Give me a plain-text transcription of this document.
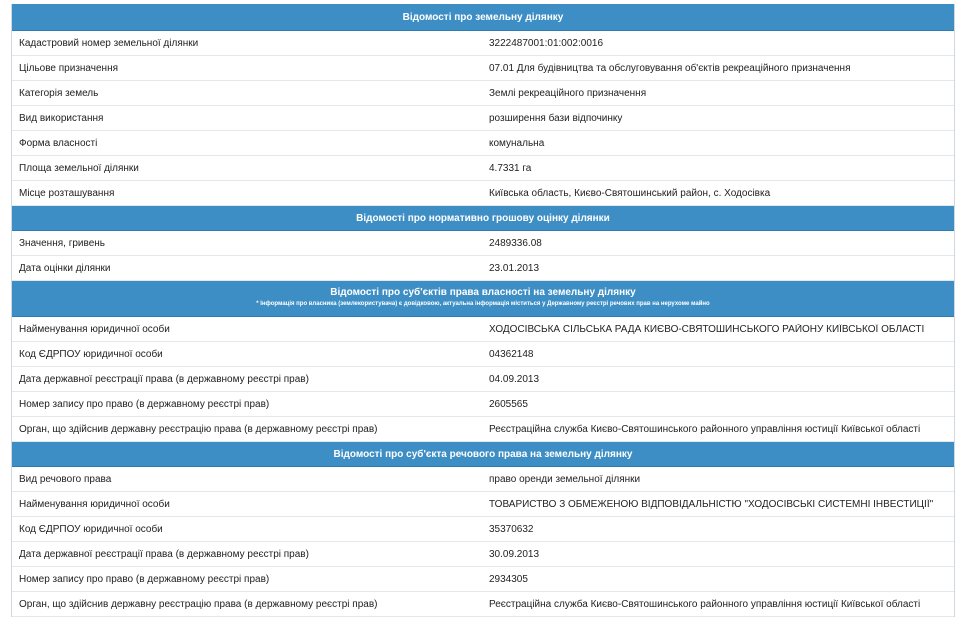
Відомості про земельну ділянку
Кадастровий номер земельної ділянки	3222487001:01:002:0016
Цільове призначення	07.01 Для будівництва та обслуговування об'єктів рекреаційного призначення
Категорія земель	Землі рекреаційного призначення
Вид використання	розширення бази відпочинку
Форма власності	комунальна
Площа земельної ділянки	4.7331 га
Місце розташування	Київська область, Києво-Святошинський район, с. Ходосівка
Відомості про нормативно грошову оцінку ділянки
Значення, гривень	2489336.08
Дата оцінки ділянки	23.01.2013
Відомості про суб'єктів права власності на земельну ділянку
* Інформація про власника (землекористувача) є довідковою, актуальна інформація міститься у Державному реєстрі речових прав на нерухоме майно
Найменування юридичної особи	ХОДОСІВСЬКА СІЛЬСЬКА РАДА КИЄВО-СВЯТОШИНСЬКОГО РАЙОНУ КИЇВСЬКОЇ ОБЛАСТІ
Код ЄДРПОУ юридичної особи	04362148
Дата державної реєстрації права (в державному реєстрі прав)	04.09.2013
Номер запису про право (в державному реєстрі прав)	2605565
Орган, що здійснив державну реєстрацію права (в державному реєстрі прав)	Реєстраційна служба Києво-Святошинського районного управління юстиції Київської області
Відомості про суб'єкта речового права на земельну ділянку
Вид речового права	право оренди земельної ділянки
Найменування юридичної особи	ТОВАРИСТВО З ОБМЕЖЕНОЮ ВІДПОВІДАЛЬНІСТЮ "ХОДОСІВСЬКІ СИСТЕМНІ ІНВЕСТИЦІЇ"
Код ЄДРПОУ юридичної особи	35370632
Дата державної реєстрації права (в державному реєстрі прав)	30.09.2013
Номер запису про право (в державному реєстрі прав)	2934305
Орган, що здійснив державну реєстрацію права (в державному реєстрі прав)	Реєстраційна служба Києво-Святошинського районного управління юстиції Київської області
